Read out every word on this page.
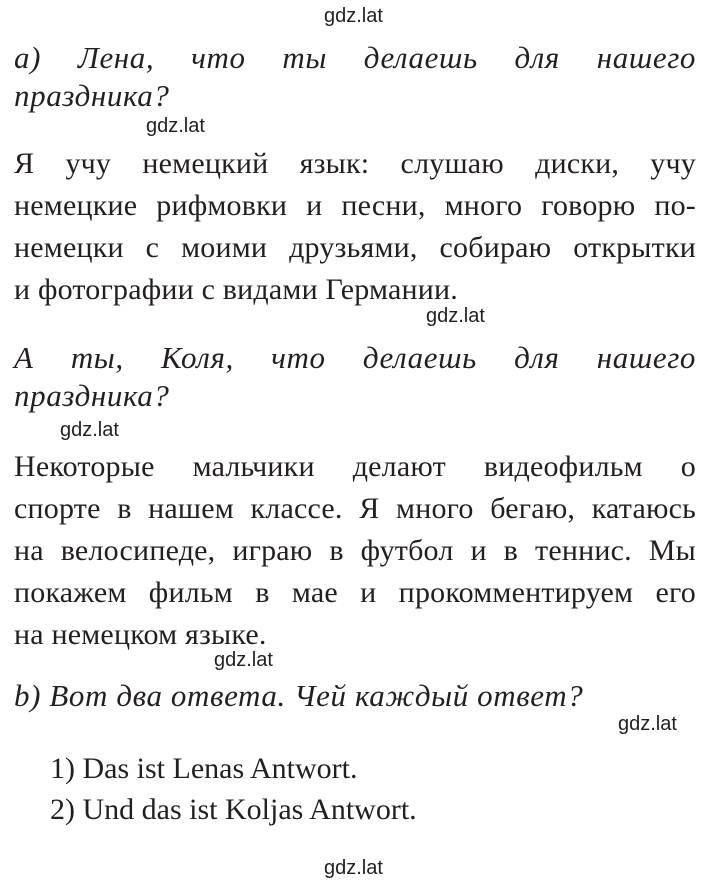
gdz.lat
gdz.lat
gdz.lat
gdz.lat
gdz.lat
gdz.lat
gdz.lat
а) Лена, что ты делаешь для нашего
праздника?
Я учу немецкий язык: слушаю диски, учу
немецкие рифмовки и песни, много говорю по-
немецки с моими друзьями, собираю открытки
и фотографии с видами Германии.
А ты, Коля, что делаешь для нашего
праздника?
Некоторые мальчики делают видеофильм о
спорте в нашем классе. Я много бегаю, катаюсь
на велосипеде, играю в футбол и в теннис. Мы
покажем фильм в мае и прокомментируем его
на немецком языке.
b) Вот два ответа. Чей каждый ответ?
1) Das ist Lenas Antwort.
2) Und das ist Koljas Antwort.
